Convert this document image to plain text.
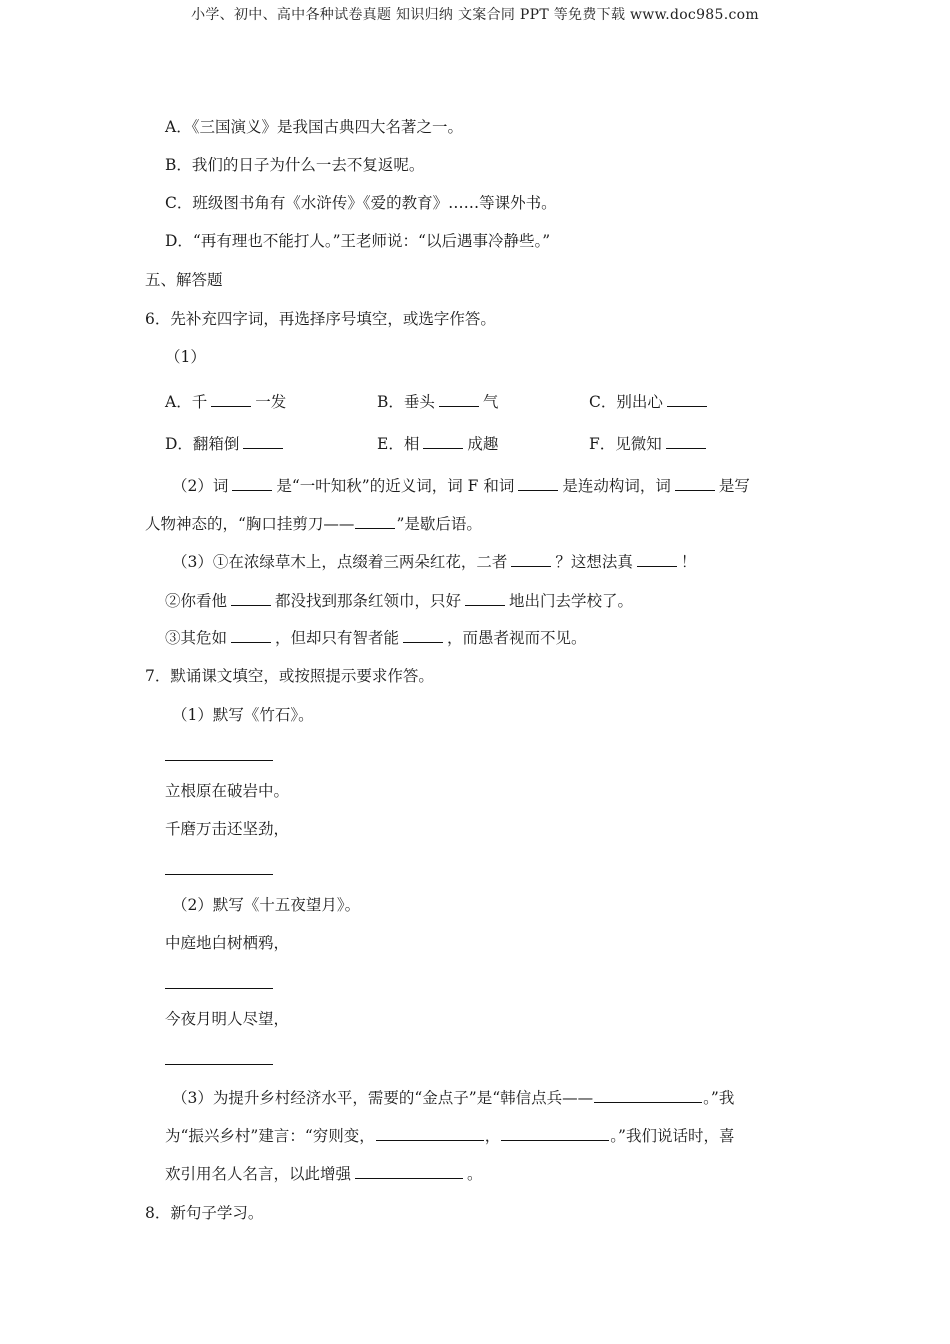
小学、初中、高中各种试卷真题 知识归纳 文案合同 PPT 等免费下载 www.doc985.com
A．《三国演义》是我国古典四大名著之一。
B．我们的日子为什么一去不复返呢。
C．班级图书角有《水浒传》《爱的教育》……等课外书。
D．“再有理也不能打人。”王老师说：“以后遇事冷静些。”
五、解答题
6．先补充四字词，再选择序号填空，或选字作答。
（1）
A．千	一发	B．垂头	气	C．别出心
D．翻箱倒	E．相	成趣	F．见微知
（2）词	是“一叶知秋”的近义词，词 F 和词	是连动构词，词	是写
人物神态的，“胸口挂剪刀——	”是歇后语。
（3）①在浓绿草木上，点缀着三两朵红花，二者	？这想法真	！
②你看他	都没找到那条红领巾，只好	地出门去学校了。
③其危如	，但却只有智者能	，而愚者视而不见。
7．默诵课文填空，或按照提示要求作答。
（1）默写《竹石》。
立根原在破岩中。
千磨万击还坚劲，
（2）默写《十五夜望月》。
中庭地白树栖鸦，
今夜月明人尽望，
（3）为提升乡村经济水平，需要的“金点子”是“韩信点兵——	。”我
为“振兴乡村”建言：“穷则变，	，	。”我们说话时，喜
欢引用名人名言，以此增强	。
8．新句子学习。
